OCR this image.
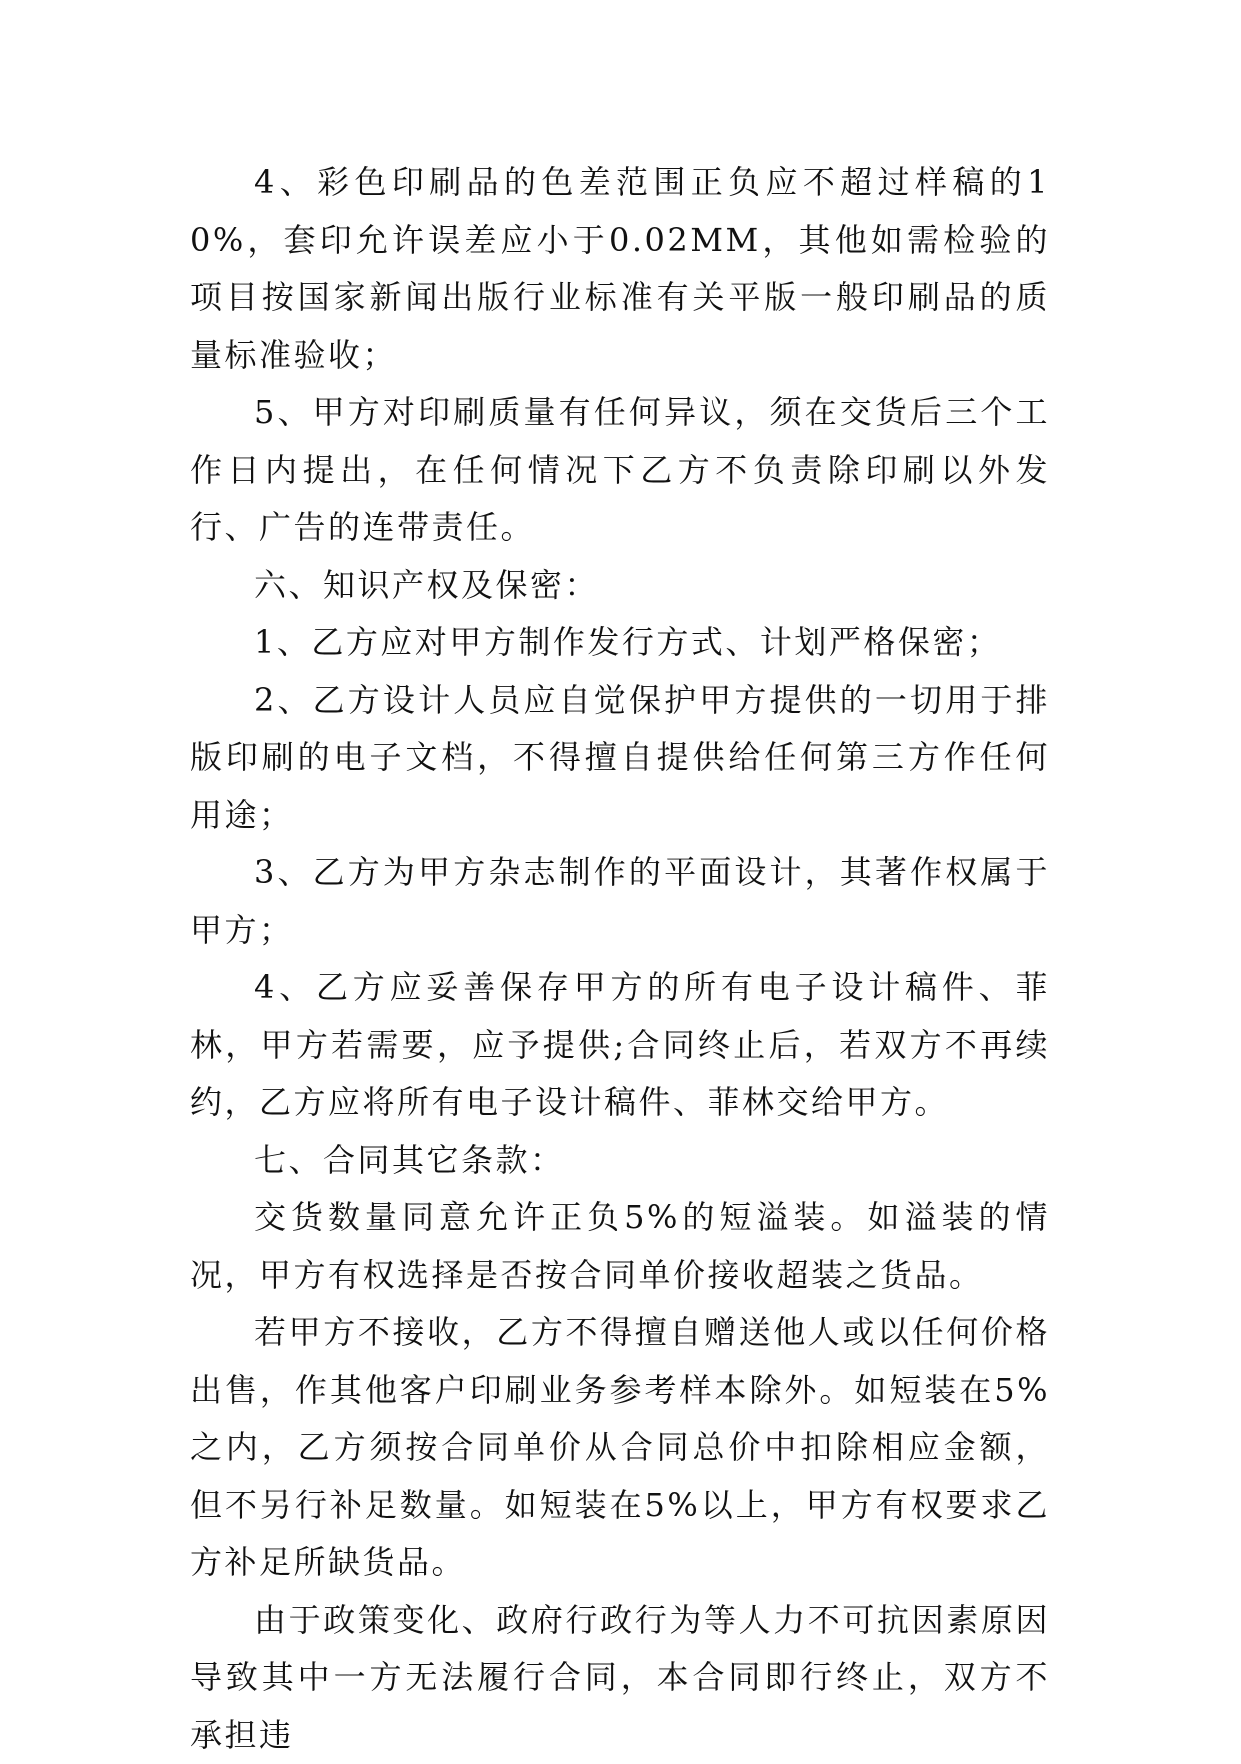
4、彩色印刷品的色差范围正负应不超过样稿的10%，套印允许误差应小于0.02MM，其他如需检验的项目按国家新闻出版行业标准有关平版一般印刷品的质量标准验收；

5、甲方对印刷质量有任何异议，须在交货后三个工作日内提出，在任何情况下乙方不负责除印刷以外发行、广告的连带责任。

六、知识产权及保密：

1、乙方应对甲方制作发行方式、计划严格保密；

2、乙方设计人员应自觉保护甲方提供的一切用于排版印刷的电子文档，不得擅自提供给任何第三方作任何用途；

3、乙方为甲方杂志制作的平面设计，其著作权属于甲方；

4、乙方应妥善保存甲方的所有电子设计稿件、菲林，甲方若需要，应予提供;合同终止后，若双方不再续约，乙方应将所有电子设计稿件、菲林交给甲方。

七、合同其它条款：

交货数量同意允许正负5%的短溢装。如溢装的情况，甲方有权选择是否按合同单价接收超装之货品。

若甲方不接收，乙方不得擅自赠送他人或以任何价格出售，作其他客户印刷业务参考样本除外。如短装在5%之内，乙方须按合同单价从合同总价中扣除相应金额，但不另行补足数量。如短装在5%以上，甲方有权要求乙方补足所缺货品。

由于政策变化、政府行政行为等人力不可抗因素原因导致其中一方无法履行合同，本合同即行终止，双方不承担违
